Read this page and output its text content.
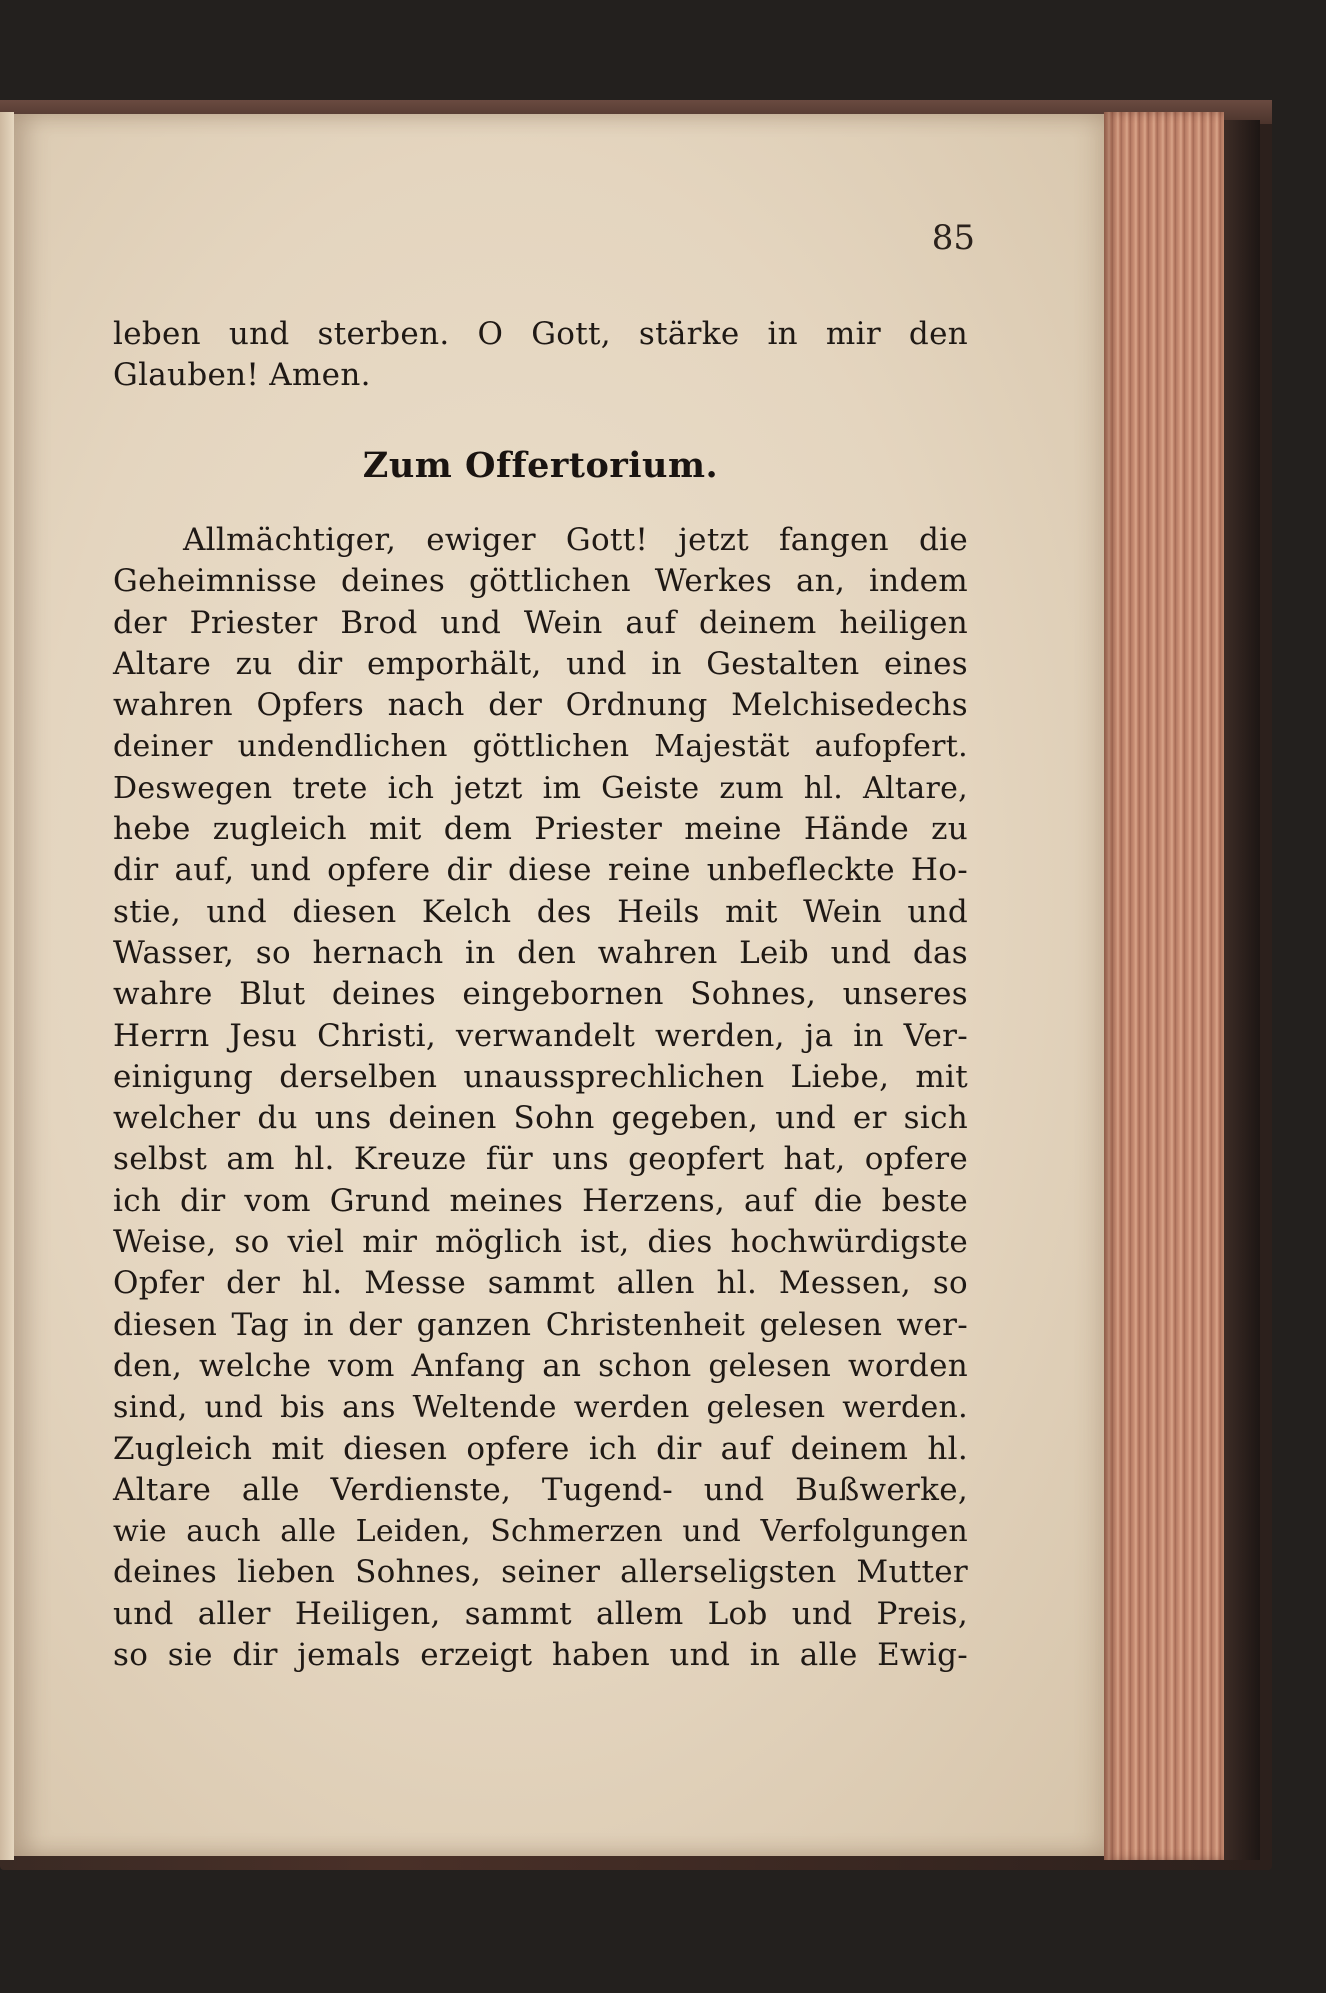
85
leben und sterben. O Gott, stärke in mir den
Glauben! Amen.
Zum Offertorium.
Allmächtiger, ewiger Gott! jetzt fangen die
Geheimnisse deines göttlichen Werkes an, indem
der Priester Brod und Wein auf deinem heiligen
Altare zu dir emporhält, und in Gestalten eines
wahren Opfers nach der Ordnung Melchisedechs
deiner undendlichen göttlichen Majestät aufopfert.
Deswegen trete ich jetzt im Geiste zum hl. Altare,
hebe zugleich mit dem Priester meine Hände zu
dir auf, und opfere dir diese reine unbefleckte Ho-
stie, und diesen Kelch des Heils mit Wein und
Wasser, so hernach in den wahren Leib und das
wahre Blut deines eingebornen Sohnes, unseres
Herrn Jesu Christi, verwandelt werden, ja in Ver-
einigung derselben unaussprechlichen Liebe, mit
welcher du uns deinen Sohn gegeben, und er sich
selbst am hl. Kreuze für uns geopfert hat, opfere
ich dir vom Grund meines Herzens, auf die beste
Weise, so viel mir möglich ist, dies hochwürdigste
Opfer der hl. Messe sammt allen hl. Messen, so
diesen Tag in der ganzen Christenheit gelesen wer-
den, welche vom Anfang an schon gelesen worden
sind, und bis ans Weltende werden gelesen werden.
Zugleich mit diesen opfere ich dir auf deinem hl.
Altare alle Verdienste, Tugend- und Bußwerke,
wie auch alle Leiden, Schmerzen und Verfolgungen
deines lieben Sohnes, seiner allerseligsten Mutter
und aller Heiligen, sammt allem Lob und Preis,
so sie dir jemals erzeigt haben und in alle Ewig-
